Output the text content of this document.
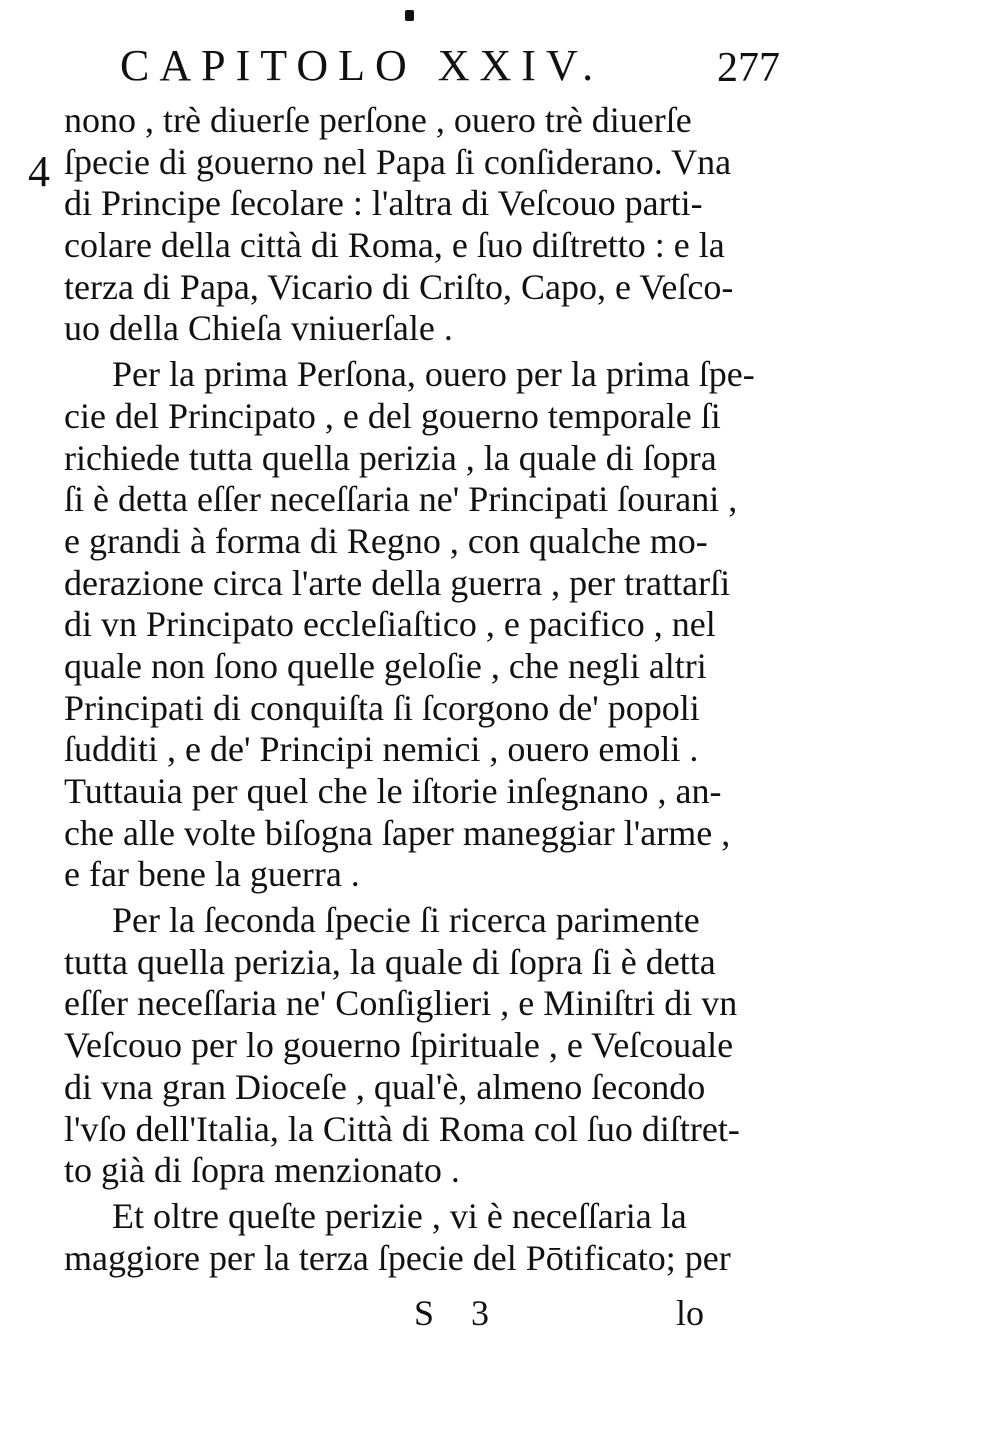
CAPITOLO XXIV.	277
4
nono , trè diuerſe perſone , ouero trè diuerſe
ſpecie di gouerno nel Papa ſi conſiderano. Vna
di Principe ſecolare : l'altra di Veſcouo parti-
colare della città di Roma, e ſuo diſtretto : e la
terza di Papa, Vicario di Criſto, Capo, e Veſco-
uo della Chieſa vniuerſale .
Per la prima Perſona, ouero per la prima ſpe-
cie del Principato , e del gouerno temporale ſi
richiede tutta quella perizia , la quale di ſopra
ſi è detta eſſer neceſſaria ne' Principati ſourani ,
e grandi à forma di Regno , con qualche mo-
derazione circa l'arte della guerra , per trattarſi
di vn Principato eccleſiaſtico , e pacifico , nel
quale non ſono quelle geloſie , che negli altri
Principati di conquiſta ſi ſcorgono de' popoli
ſudditi , e de' Principi nemici , ouero emoli .
Tuttauia per quel che le iſtorie inſegnano , an-
che alle volte biſogna ſaper maneggiar l'arme ,
e far bene la guerra .
Per la ſeconda ſpecie ſi ricerca parimente
tutta quella perizia, la quale di ſopra ſi è detta
eſſer neceſſaria ne' Conſiglieri , e Miniſtri di vn
Veſcouo per lo gouerno ſpirituale , e Veſcouale
di vna gran Dioceſe , qual'è, almeno ſecondo
l'vſo dell'Italia, la Città di Roma col ſuo diſtret-
to già di ſopra menzionato .
Et oltre queſte perizie , vi è neceſſaria la
maggiore per la terza ſpecie del Pōtificato; per
S 3	lo
